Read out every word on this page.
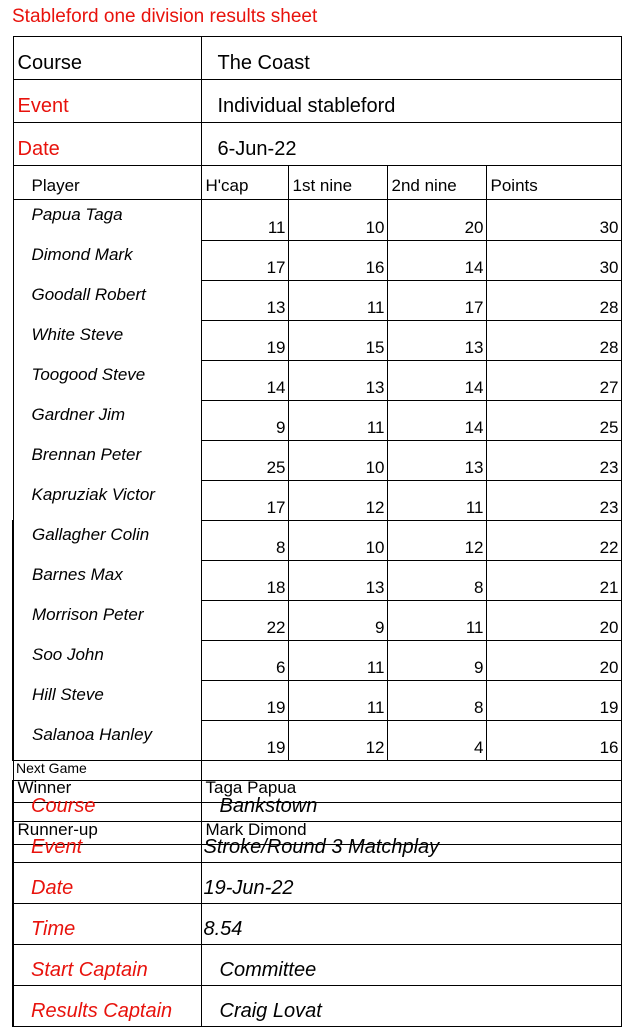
Stableford one division results sheet
Course	The Coast			
Event	Individual stableford			
Date	6-Jun-22			
Player	H'cap	1st nine	2nd nine	Points
Papua Taga	11	10	20	30
Dimond Mark	17	16	14	30
Goodall Robert	13	11	17	28
White Steve	19	15	13	28
Toogood Steve	14	13	14	27
Gardner Jim	9	11	14	25
Brennan Peter	25	10	13	23
Kapruziak Victor	17	12	11	23
Gallagher Colin	8	10	12	22
Barnes Max	18	13	8	21
Morrison Peter	22	9	11	20
Soo John	6	11	9	20
Hill Steve	19	11	8	19
Salanoa Hanley	19	12	4	16
Winner	Taga Papua			
Runner-up	Mark Dimond			
Next Game
Course	Bankstown
Event	Stroke/Round 3 Matchplay
Date	19-Jun-22
Time	8.54
Start Captain	Committee
Results Captain	Craig Lovat
